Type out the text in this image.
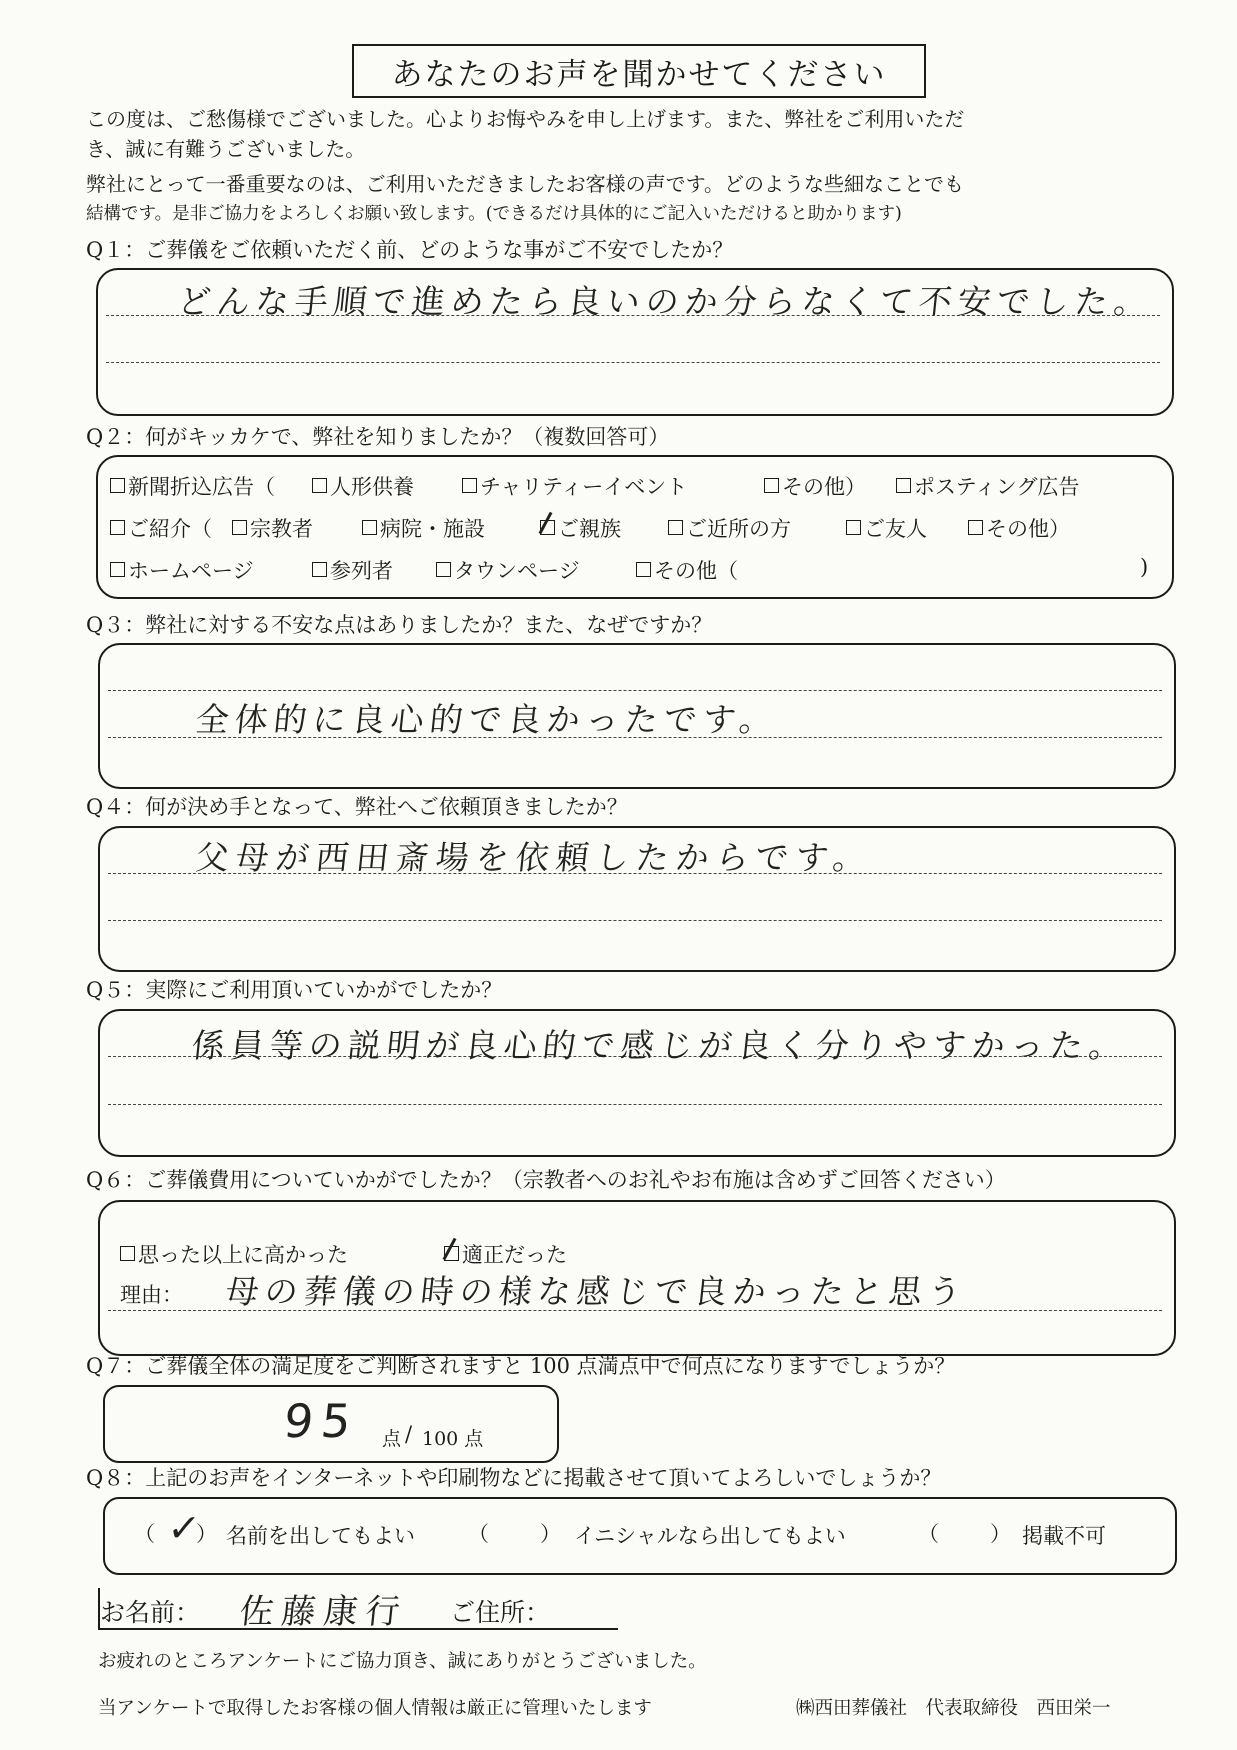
あなたのお声を聞かせてください
この度は、ご愁傷様でございました。心よりお悔やみを申し上げます。また、弊社をご利用いただ
き、誠に有難うございました。
弊社にとって一番重要なのは、ご利用いただきましたお客様の声です。どのような些細なことでも
結構です。是非ご協力をよろしくお願い致します。(できるだけ具体的にご記入いただけると助かります)
Q１：ご葬儀をご依頼いただく前、どのような事がご不安でしたか？
どんな手順で進めたら良いのか分らなくて不安でした。
Q２：何がキッカケで、弊社を知りましたか？（複数回答可）
新聞折込広告（	人形供養	チャリティーイベント	その他）	ポスティング広告
ご紹介（	宗教者	病院・施設	ご親族	ご近所の方	ご友人	その他）
ホームページ	参列者	タウンページ	その他（	)
Q３：弊社に対する不安な点はありましたか？また、なぜですか？
全体的に良心的で良かったです。
Q４：何が決め手となって、弊社へご依頼頂きましたか？
父母が西田斎場を依頼したからです。
Q５：実際にご利用頂いていかがでしたか？
係員等の説明が良心的で感じが良く分りやすかった。
Q６：ご葬儀費用についていかがでしたか？（宗教者へのお礼やお布施は含めずご回答ください）
思った以上に高かった	適正だった
理由： 母の葬儀の時の様な感じで良かったと思う
Q７：ご葬儀全体の満足度をご判断されますと 100 点満点中で何点になりますでしょうか？
95 点 / 100 点
Q８：上記のお声をインターネットや印刷物などに掲載させて頂いてよろしいでしょうか？
（ ✓
） 名前を出してもよい	（ ） イニシャルなら出してもよい	（ ） 掲載不可
お名前： 佐藤康行 ご住所：
お疲れのところアンケートにご協力頂き、誠にありがとうございました。
当アンケートで取得したお客様の個人情報は厳正に管理いたします	㈱西田葬儀社　代表取締役　西田栄一
